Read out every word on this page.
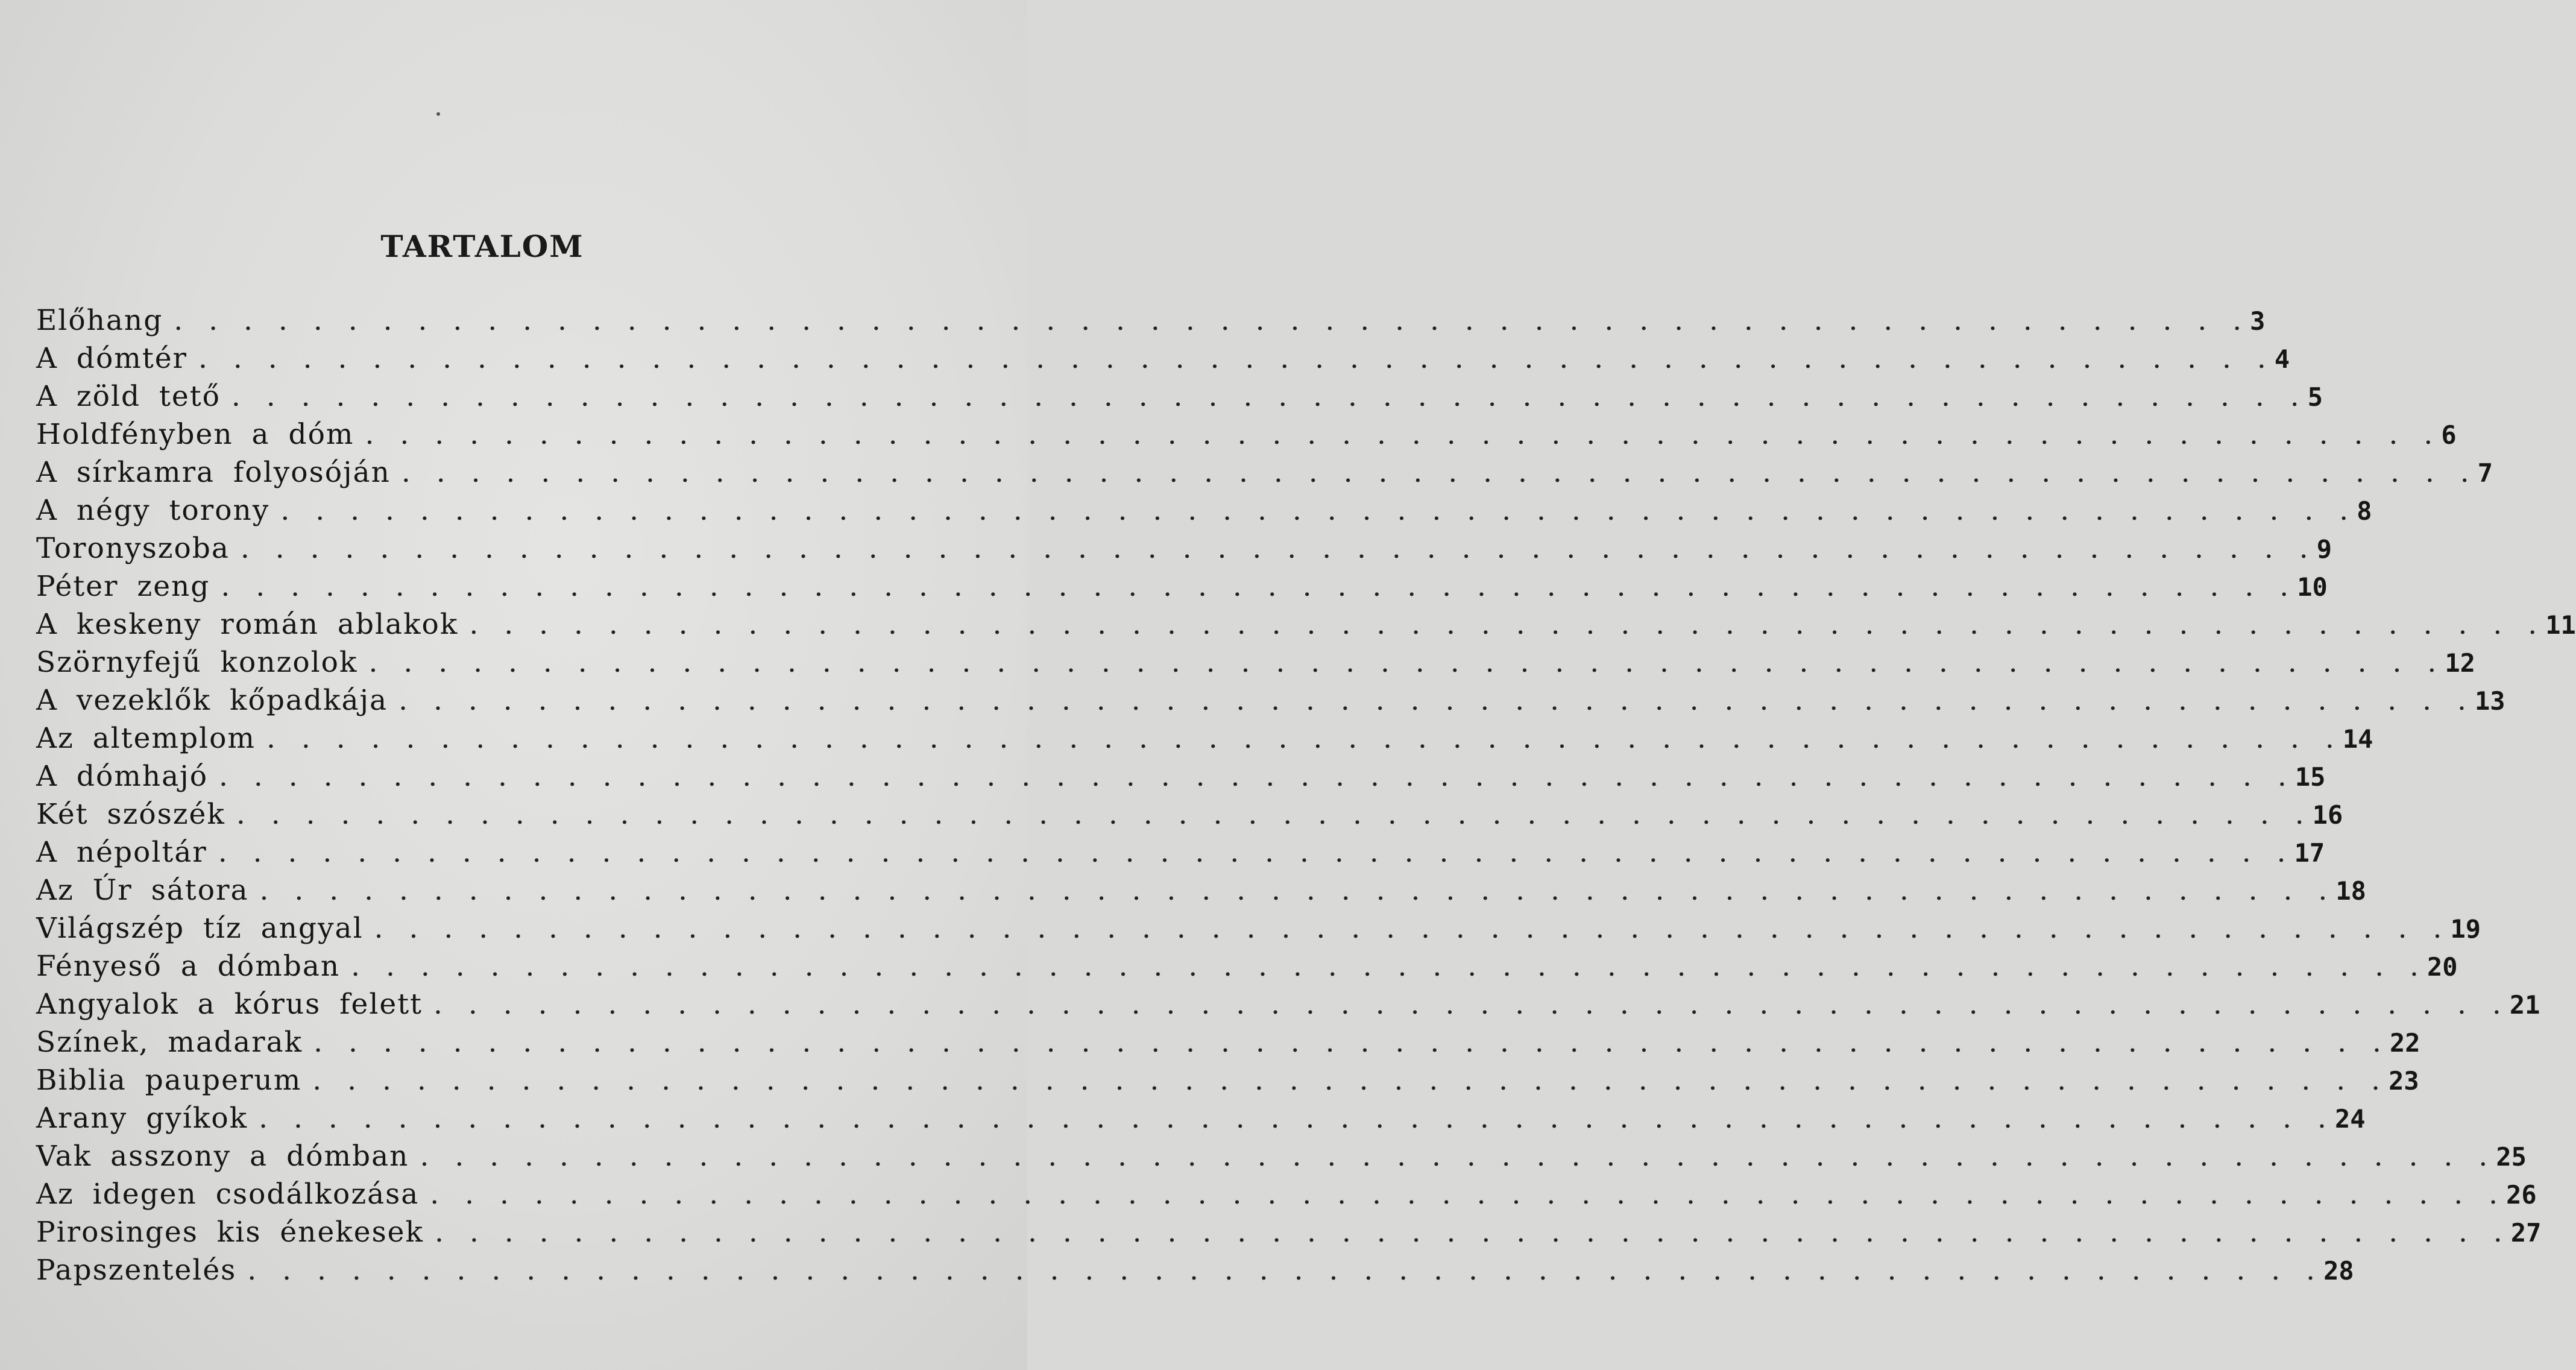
TARTALOM
Előhang . . . . . . . . . . . . . . . . . . . . . . . . . . . . . . . . . . . . . . . . . . . . . . . . . . . . . . . . . . . . 3
A dómtér . . . . . . . . . . . . . . . . . . . . . . . . . . . . . . . . . . . . . . . . . . . . . . . . . . . . . . . . . . . . 4
A zöld tető . . . . . . . . . . . . . . . . . . . . . . . . . . . . . . . . . . . . . . . . . . . . . . . . . . . . . . . . . . . . 5
Holdfényben a dóm . . . . . . . . . . . . . . . . . . . . . . . . . . . . . . . . . . . . . . . . . . . . . . . . . . . . . . . . . . . . 6
A sírkamra folyosóján . . . . . . . . . . . . . . . . . . . . . . . . . . . . . . . . . . . . . . . . . . . . . . . . . . . . . . . . . . . . 7
A négy torony . . . . . . . . . . . . . . . . . . . . . . . . . . . . . . . . . . . . . . . . . . . . . . . . . . . . . . . . . . . . 8
Toronyszoba . . . . . . . . . . . . . . . . . . . . . . . . . . . . . . . . . . . . . . . . . . . . . . . . . . . . . . . . . . . . 9
Péter zeng . . . . . . . . . . . . . . . . . . . . . . . . . . . . . . . . . . . . . . . . . . . . . . . . . . . . . . . . . . . . 10
A keskeny román ablakok . . . . . . . . . . . . . . . . . . . . . . . . . . . . . . . . . . . . . . . . . . . . . . . . . . . . . . . . . . . . 11
Szörnyfejű konzolok . . . . . . . . . . . . . . . . . . . . . . . . . . . . . . . . . . . . . . . . . . . . . . . . . . . . . . . . . . . . 12
A vezeklők kőpadkája . . . . . . . . . . . . . . . . . . . . . . . . . . . . . . . . . . . . . . . . . . . . . . . . . . . . . . . . . . . . 13
Az altemplom . . . . . . . . . . . . . . . . . . . . . . . . . . . . . . . . . . . . . . . . . . . . . . . . . . . . . . . . . . . . 14
A dómhajó . . . . . . . . . . . . . . . . . . . . . . . . . . . . . . . . . . . . . . . . . . . . . . . . . . . . . . . . . . . . 15
Két szószék . . . . . . . . . . . . . . . . . . . . . . . . . . . . . . . . . . . . . . . . . . . . . . . . . . . . . . . . . . . . 16
A népoltár . . . . . . . . . . . . . . . . . . . . . . . . . . . . . . . . . . . . . . . . . . . . . . . . . . . . . . . . . . . . 17
Az Úr sátora . . . . . . . . . . . . . . . . . . . . . . . . . . . . . . . . . . . . . . . . . . . . . . . . . . . . . . . . . . . . 18
Világszép tíz angyal . . . . . . . . . . . . . . . . . . . . . . . . . . . . . . . . . . . . . . . . . . . . . . . . . . . . . . . . . . . . 19
Fényeső a dómban . . . . . . . . . . . . . . . . . . . . . . . . . . . . . . . . . . . . . . . . . . . . . . . . . . . . . . . . . . . . 20
Angyalok a kórus felett . . . . . . . . . . . . . . . . . . . . . . . . . . . . . . . . . . . . . . . . . . . . . . . . . . . . . . . . . . . . 21
Színek, madarak . . . . . . . . . . . . . . . . . . . . . . . . . . . . . . . . . . . . . . . . . . . . . . . . . . . . . . . . . . . . 22
Biblia pauperum . . . . . . . . . . . . . . . . . . . . . . . . . . . . . . . . . . . . . . . . . . . . . . . . . . . . . . . . . . . . 23
Arany gyíkok . . . . . . . . . . . . . . . . . . . . . . . . . . . . . . . . . . . . . . . . . . . . . . . . . . . . . . . . . . . . 24
Vak asszony a dómban . . . . . . . . . . . . . . . . . . . . . . . . . . . . . . . . . . . . . . . . . . . . . . . . . . . . . . . . . . . . 25
Az idegen csodálkozása . . . . . . . . . . . . . . . . . . . . . . . . . . . . . . . . . . . . . . . . . . . . . . . . . . . . . . . . . . . . 26
Pirosinges kis énekesek . . . . . . . . . . . . . . . . . . . . . . . . . . . . . . . . . . . . . . . . . . . . . . . . . . . . . . . . . . . . 27
Papszentelés . . . . . . . . . . . . . . . . . . . . . . . . . . . . . . . . . . . . . . . . . . . . . . . . . . . . . . . . . . . . 28
